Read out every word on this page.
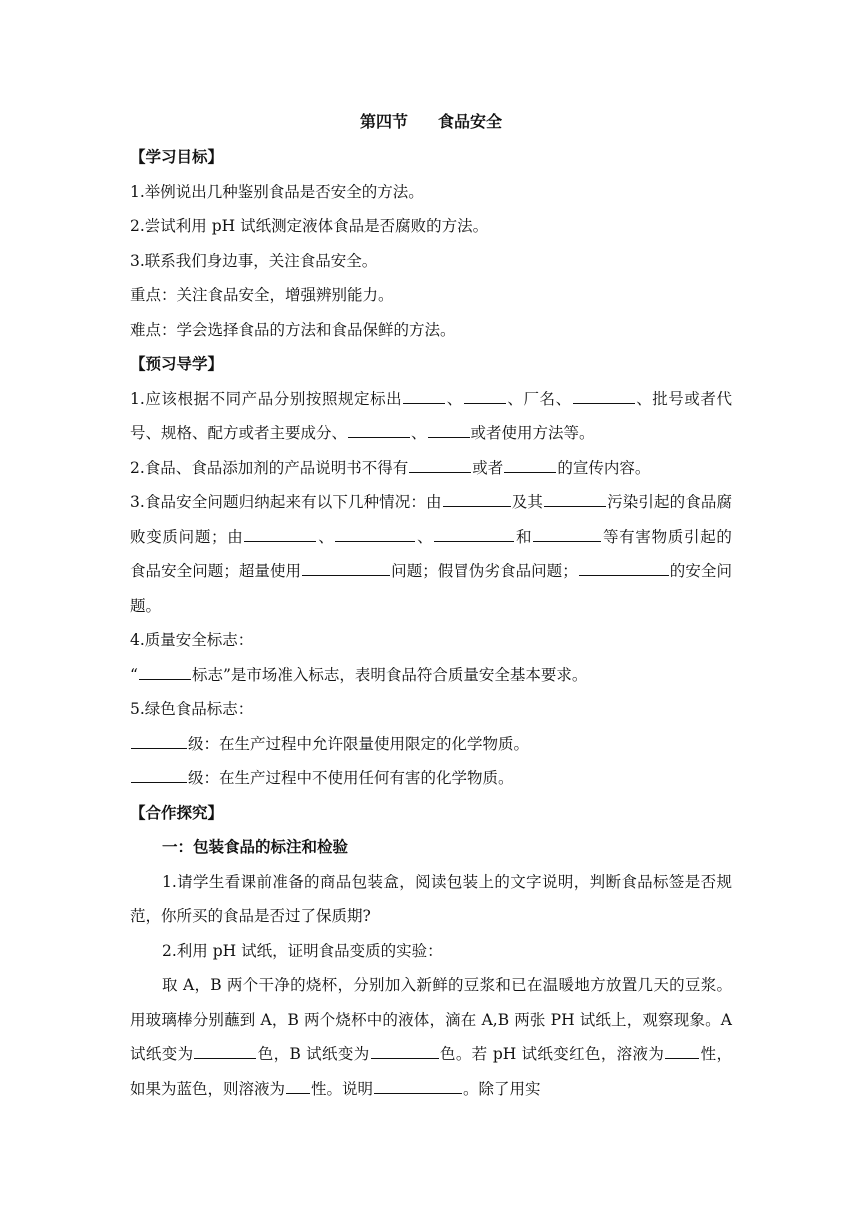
第四节 食品安全
【学习目标】
1.举例说出几种鉴别食品是否安全的方法。
2.尝试利用 pH 试纸测定液体食品是否腐败的方法。
3.联系我们身边事，关注食品安全。
重点：关注食品安全，增强辨别能力。
难点：学会选择食品的方法和食品保鲜的方法。
【预习导学】
1.应该根据不同产品分别按照规定标出	、	、厂名、	、批号或者代号、规格、配方或者主要成分、	、	或者使用方法等。
2.食品、食品添加剂的产品说明书不得有	或者	的宣传内容。
3.食品安全问题归纳起来有以下几种情况：由	及其	污染引起的食品腐败变质问题；由	、	、	和	等有害物质引起的食品安全问题；超量使用	问题；假冒伪劣食品问题；	的安全问题。
4.质量安全标志：
“	标志”是市场准入标志，表明食品符合质量安全基本要求。
5.绿色食品标志：
级：在生产过程中允许限量使用限定的化学物质。
级：在生产过程中不使用任何有害的化学物质。
【合作探究】
一：包装食品的标注和检验
1.请学生看课前准备的商品包装盒，阅读包装上的文字说明，判断食品标签是否规范，你所买的食品是否过了保质期?
2.利用 pH 试纸，证明食品变质的实验：
取 A，B 两个干净的烧杯，分别加入新鲜的豆浆和已在温暖地方放置几天的豆浆。用玻璃棒分别蘸到 A，B 两个烧杯中的液体，滴在 A,B 两张 PH 试纸上，观察现象。A 试纸变为	色，B 试纸变为	色。若 pH 试纸变红色，溶液为 性，如果为蓝色，则溶液为 性。说明	。除了用实
